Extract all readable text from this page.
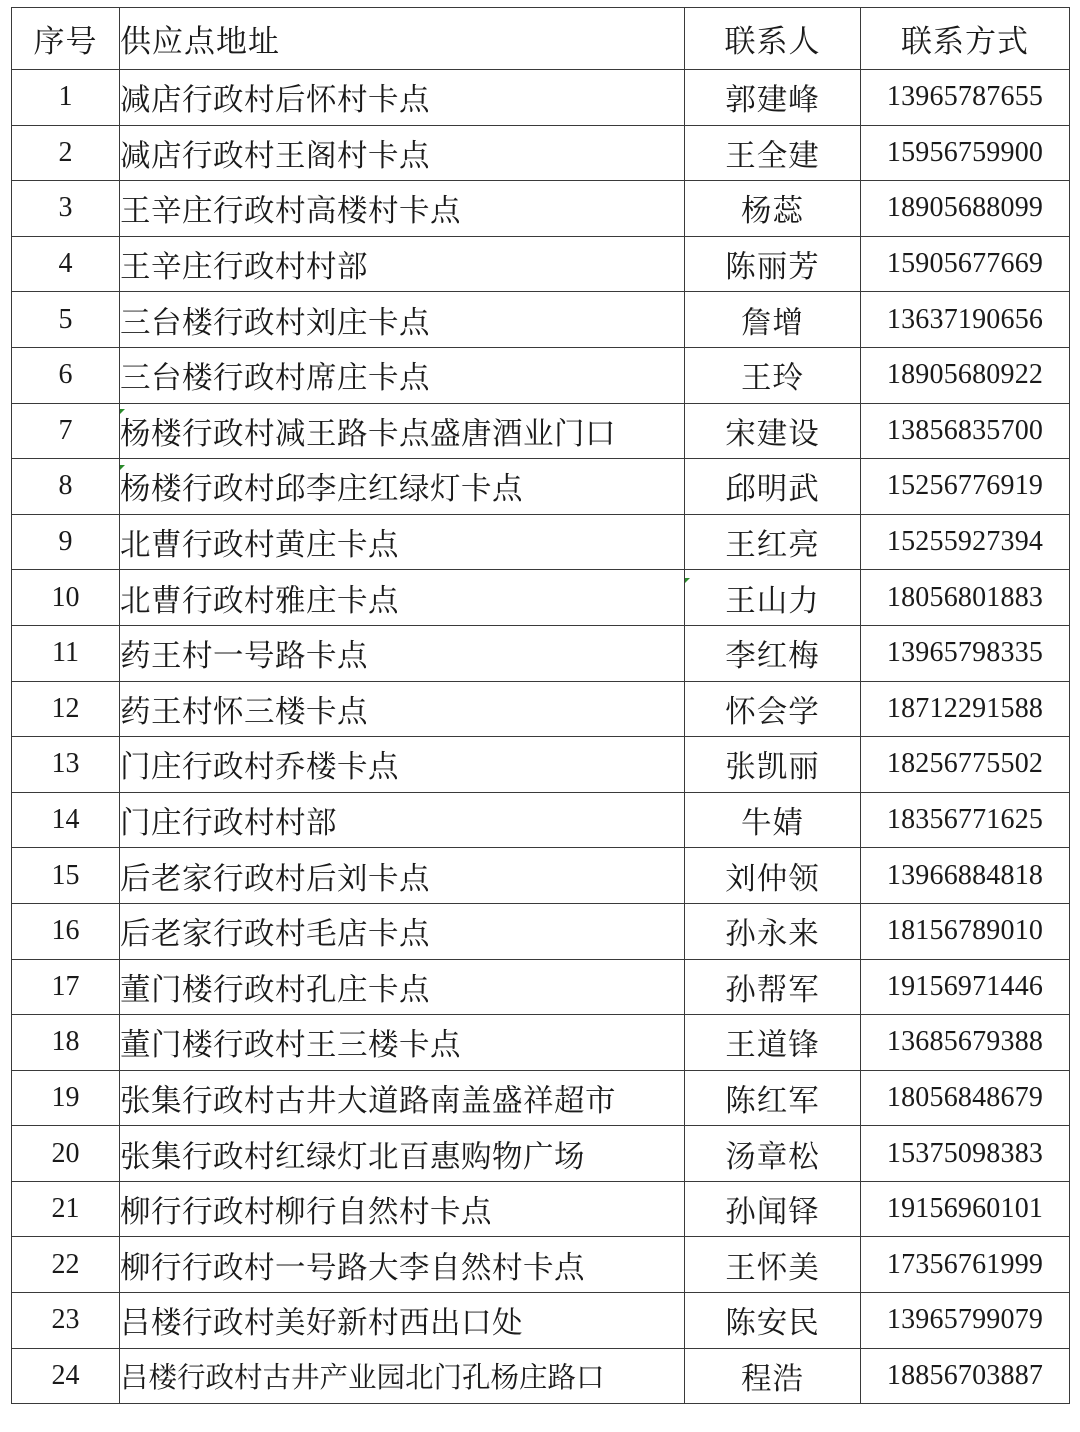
序号	供应点地址	联系人	联系方式
1	减店行政村后怀村卡点	郭建峰	13965787655
2	减店行政村王阁村卡点	王全建	15956759900
3	王辛庄行政村高楼村卡点	杨蕊	18905688099
4	王辛庄行政村村部	陈丽芳	15905677669
5	三台楼行政村刘庄卡点	詹增	13637190656
6	三台楼行政村席庄卡点	王玲	18905680922
7	杨楼行政村减王路卡点盛唐酒业门口	宋建设	13856835700
8	杨楼行政村邱李庄红绿灯卡点	邱明武	15256776919
9	北曹行政村黄庄卡点	王红亮	15255927394
10	北曹行政村雅庄卡点	王山力	18056801883
11	药王村一号路卡点	李红梅	13965798335
12	药王村怀三楼卡点	怀会学	18712291588
13	门庄行政村乔楼卡点	张凯丽	18256775502
14	门庄行政村村部	牛婧	18356771625
15	后老家行政村后刘卡点	刘仲领	13966884818
16	后老家行政村毛店卡点	孙永来	18156789010
17	董门楼行政村孔庄卡点	孙帮军	19156971446
18	董门楼行政村王三楼卡点	王道锋	13685679388
19	张集行政村古井大道路南盖盛祥超市	陈红军	18056848679
20	张集行政村红绿灯北百惠购物广场	汤章松	15375098383
21	柳行行政村柳行自然村卡点	孙闻铎	19156960101
22	柳行行政村一号路大李自然村卡点	王怀美	17356761999
23	吕楼行政村美好新村西出口处	陈安民	13965799079
24	吕楼行政村古井产业园北门孔杨庄路口	程浩	18856703887
